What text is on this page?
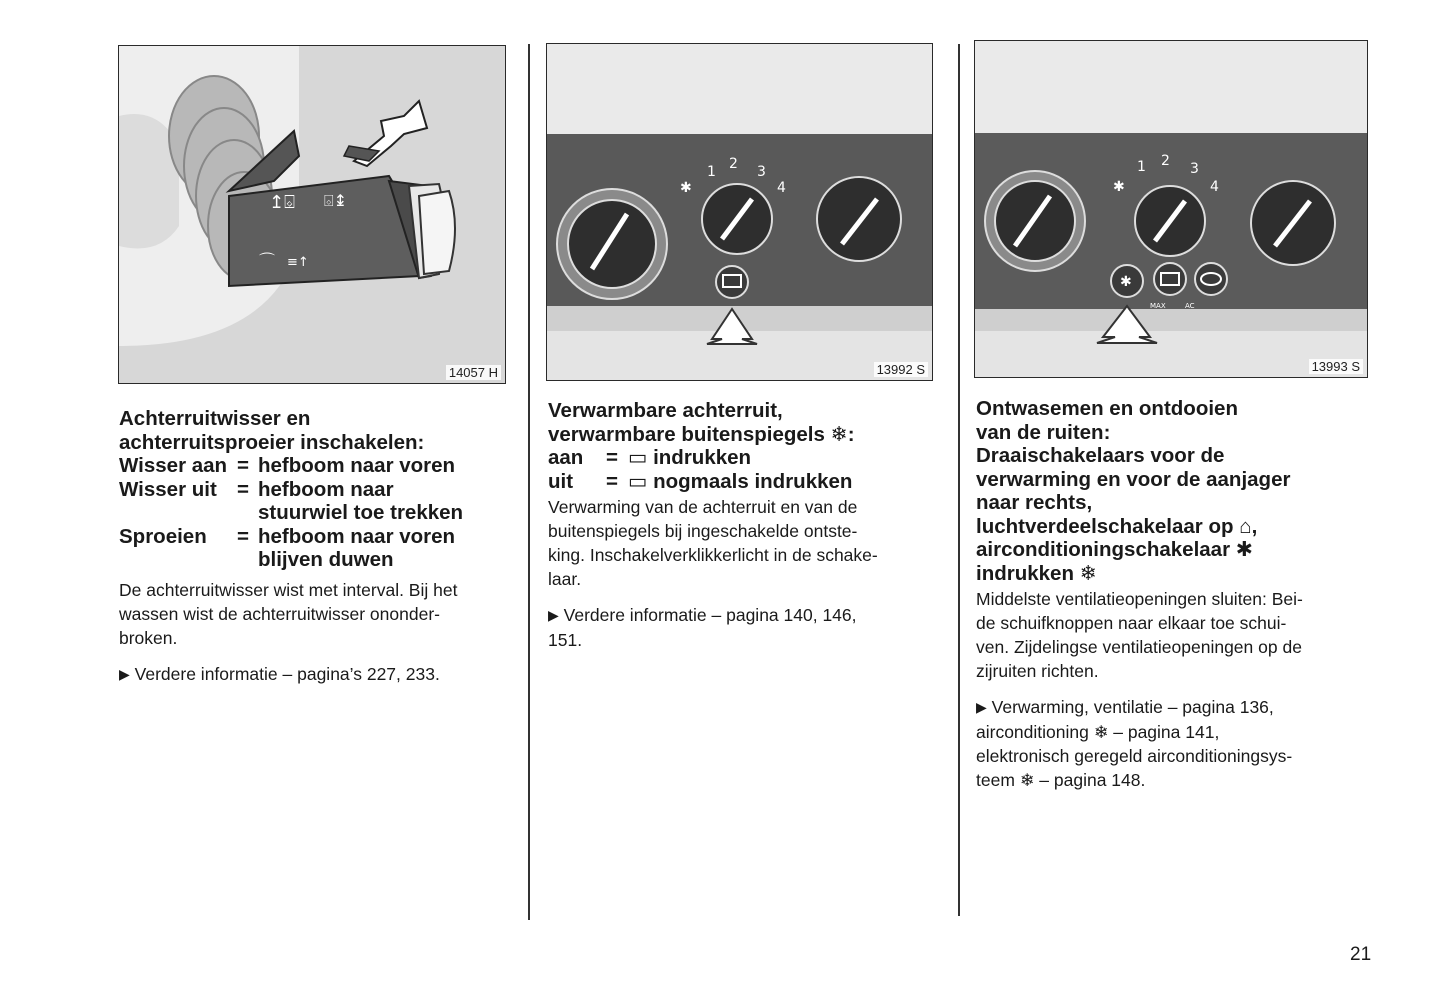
↥⌺ ⌺↨
⌒ ≡↑
14057 H
1 2 3
4
✱
13992 S
1 2 3
4
✱
✱
MAX	AC
13993 S
Achterruitwisser en
achterruitsproeier inschakelen:
Wisser aan = hefboom naar voren
Wisser uit = hefboom naar
stuurwiel toe trekken
Sproeien	= hefboom naar voren
blijven duwen

De achterruitwisser wist met interval. Bij het
wassen wist de achterruitwisser ononder-
broken.

▶ Verdere informatie – pagina’s 227, 233.

Verwarmbare achterruit,
verwarmbare buitenspiegels ❄:
aan	= ▭
indrukken
uit	= ▭
nogmaals indrukken

Verwarming van de achterruit en van de
buitenspiegels bij ingeschakelde ontste-
king. Inschakelverklikkerlicht in de schake-
laar.

▶ Verdere informatie – pagina 140, 146,
151.

Ontwasemen en ontdooien
van de ruiten:
Draaischakelaars voor de
verwarming en voor de aanjager
naar rechts,
luchtverdeelschakelaar op ⌂,
airconditioningschakelaar ✱
indrukken ❄

Middelste ventilatieopeningen sluiten: Bei-
de schuifknoppen naar elkaar toe schui-
ven. Zijdelingse ventilatieopeningen op de
zijruiten richten.

▶ Verwarming, ventilatie – pagina 136,
airconditioning ❄ – pagina 141,
elektronisch geregeld airconditioningsys-
teem ❄ – pagina 148.

21
